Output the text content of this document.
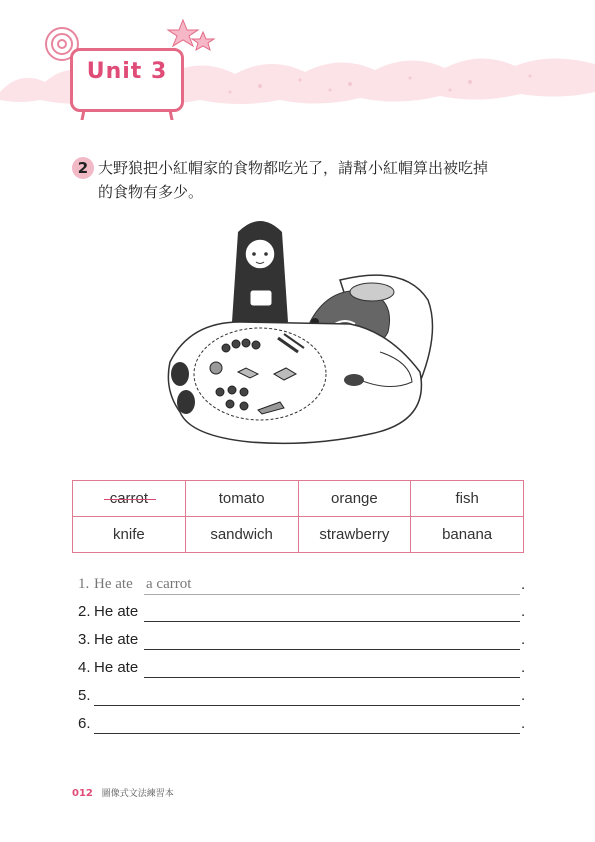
Unit 3
2 大野狼把小紅帽家的食物都吃光了，請幫小紅帽算出被吃掉
的食物有多少。
carrot	tomato	orange	fish
knife	sandwich	strawberry	banana
1. He ate a carrot	.
2. He ate	.
3. He ate	.
4. He ate	.
5.	.
6.	.
012 圖像式文法練習本
